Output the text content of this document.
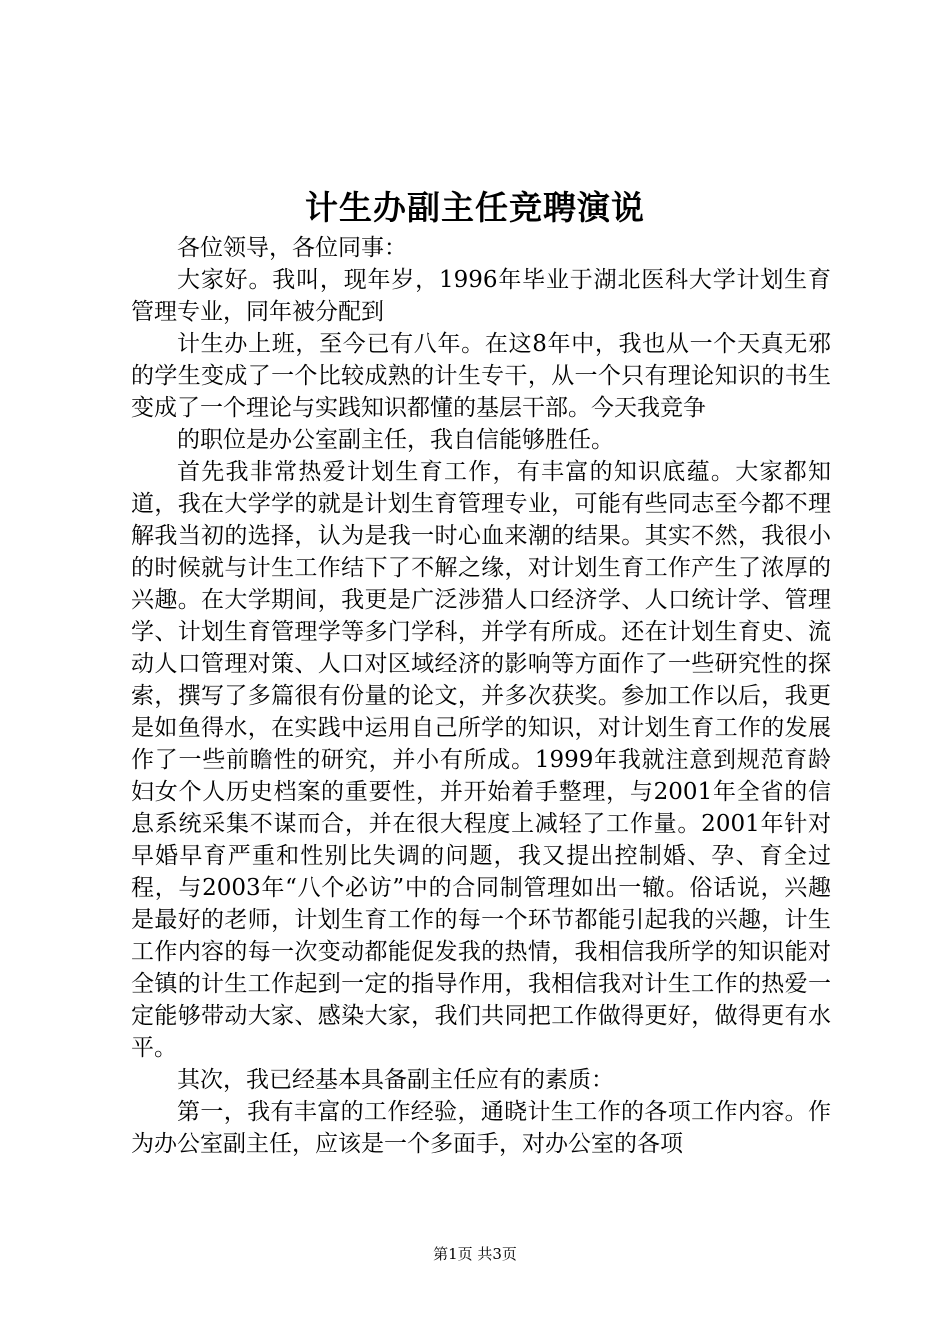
计生办副主任竞聘演说

各位领导，各位同事：

大家好。我叫，现年岁，1996年毕业于湖北医科大学计划生育管理专业，同年被分配到

计生办上班，至今已有八年。在这8年中，我也从一个天真无邪的学生变成了一个比较成熟的计生专干，从一个只有理论知识的书生变成了一个理论与实践知识都懂的基层干部。今天我竞争

的职位是办公室副主任，我自信能够胜任。

首先我非常热爱计划生育工作，有丰富的知识底蕴。大家都知道，我在大学学的就是计划生育管理专业，可能有些同志至今都不理解我当初的选择，认为是我一时心血来潮的结果。其实不然，我很小的时候就与计生工作结下了不解之缘，对计划生育工作产生了浓厚的兴趣。在大学期间，我更是广泛涉猎人口经济学、人口统计学、管理学、计划生育管理学等多门学科，并学有所成。还在计划生育史、流动人口管理对策、人口对区域经济的影响等方面作了一些研究性的探索，撰写了多篇很有份量的论文，并多次获奖。参加工作以后，我更是如鱼得水，在实践中运用自己所学的知识，对计划生育工作的发展作了一些前瞻性的研究，并小有所成。1999年我就注意到规范育龄妇女个人历史档案的重要性，并开始着手整理，与2001年全省的信息系统采集不谋而合，并在很大程度上减轻了工作量。2001年针对早婚早育严重和性别比失调的问题，我又提出控制婚、孕、育全过程，与2003年“八个必访”中的合同制管理如出一辙。俗话说，兴趣是最好的老师，计划生育工作的每一个环节都能引起我的兴趣，计生工作内容的每一次变动都能促发我的热情，我相信我所学的知识能对全镇的计生工作起到一定的指导作用，我相信我对计生工作的热爱一定能够带动大家、感染大家，我们共同把工作做得更好，做得更有水平。

其次，我已经基本具备副主任应有的素质：

第一，我有丰富的工作经验，通晓计生工作的各项工作内容。作为办公室副主任，应该是一个多面手，对办公室的各项

第1页 共3页
